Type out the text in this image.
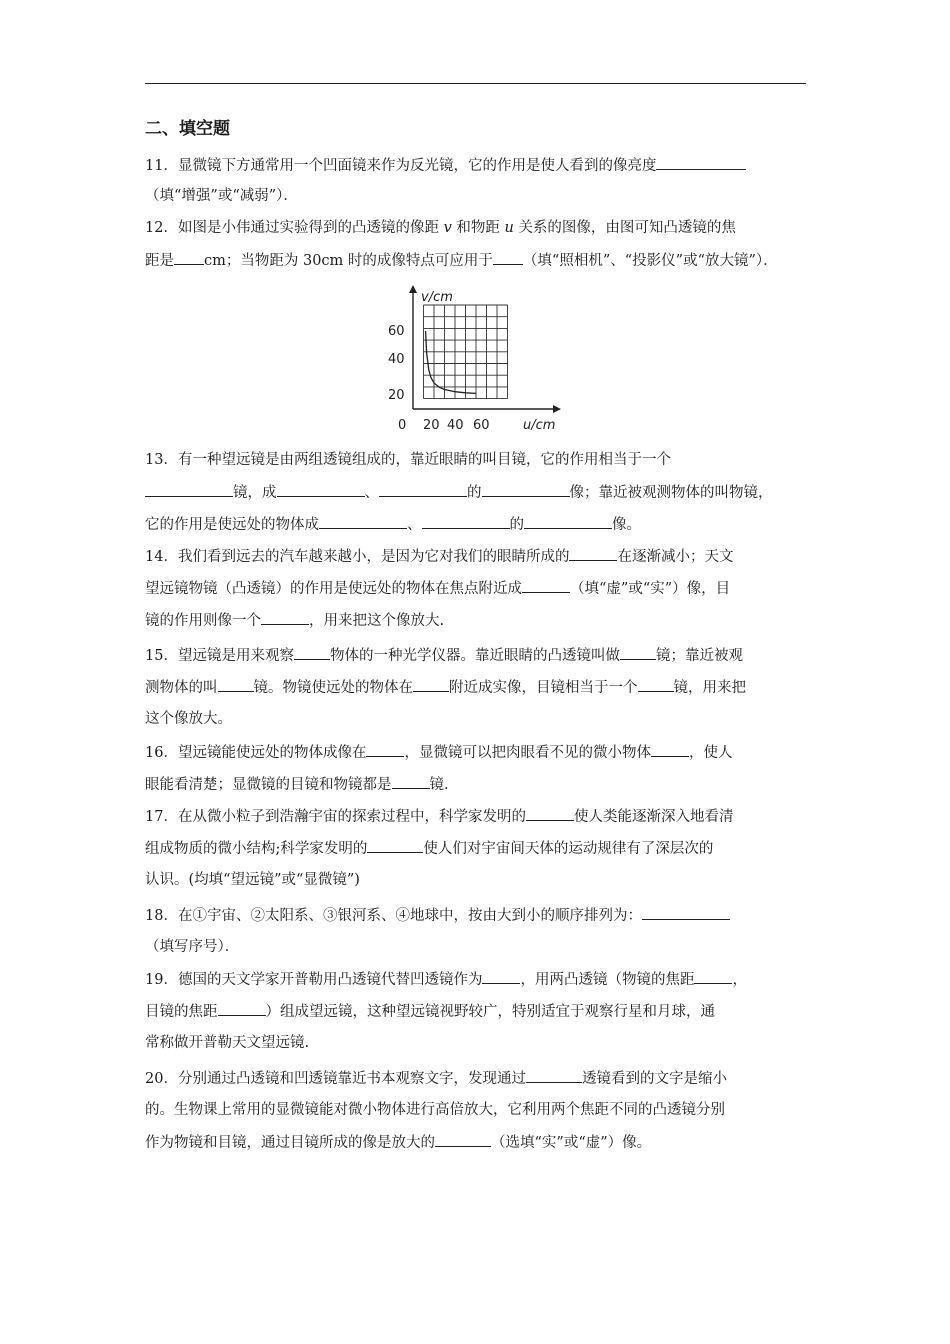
二、填空题
11．显微镜下方通常用一个凹面镜来作为反光镜，它的作用是使人看到的像亮度
（填“增强”或“减弱”）．
12．如图是小伟通过实验得到的凸透镜的像距 v 和物距 u 关系的图像，由图可知凸透镜的焦
距是 cm；当物距为 30cm 时的成像特点可应用于 （填“照相机”、“投影仪”或“放大镜”）．
v/cm
u/cm
60
40
20
0 20 40 60
13．有一种望远镜是由两组透镜组成的，靠近眼睛的叫目镜，它的作用相当于一个
镜，成	、	的	像；靠近被观测物体的叫物镜，
它的作用是使远处的物体成	、	的	像。
14．我们看到远去的汽车越来越小，是因为它对我们的眼睛所成的	在逐渐减小；天文
望远镜物镜（凸透镜）的作用是使远处的物体在焦点附近成	（填“虚”或“实”）像，目
镜的作用则像一个	，用来把这个像放大.
15．望远镜是用来观察 物体的一种光学仪器。靠近眼睛的凸透镜叫做 镜；靠近被观
测物体的叫 镜。物镜使远处的物体在 附近成实像，目镜相当于一个 镜，用来把
这个像放大。
16．望远镜能使远处的物体成像在	，显微镜可以把肉眼看不见的微小物体	，使人
眼能看清楚；显微镜的目镜和物镜都是	镜.
17．在从微小粒子到浩瀚宇宙的探索过程中，科学家发明的	使人类能逐渐深入地看清
组成物质的微小结构;科学家发明的	使人们对宇宙间天体的运动规律有了深层次的
认识。(均填“望远镜”或“显微镜”)
18．在①宇宙、②太阳系、③银河系、④地球中，按由大到小的顺序排列为：
（填写序号）．
19．德国的天文学家开普勒用凸透镜代替凹透镜作为	，用两凸透镜（物镜的焦距	，
目镜的焦距	）组成望远镜，这种望远镜视野较广，特别适宜于观察行星和月球，通
常称做开普勒天文望远镜.
20．分别通过凸透镜和凹透镜靠近书本观察文字，发现通过	透镜看到的文字是缩小
的。生物课上常用的显微镜能对微小物体进行高倍放大，它利用两个焦距不同的凸透镜分别
作为物镜和目镜，通过目镜所成的像是放大的	（选填“实”或“虚”）像。
